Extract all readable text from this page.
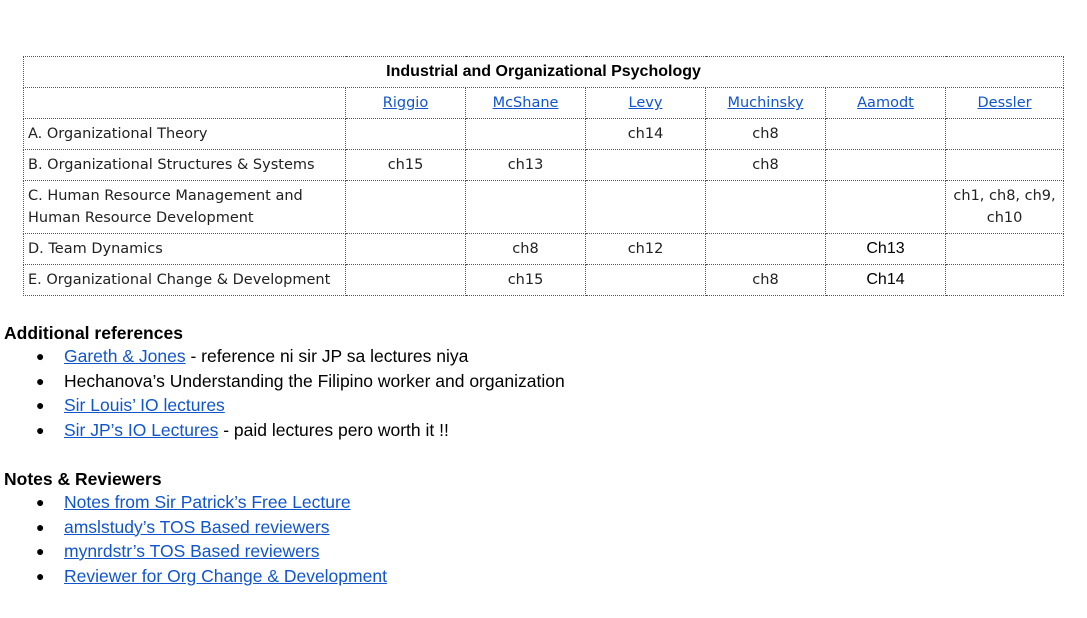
Industrial and Organizational Psychology						
	Riggio	McShane	Levy	Muchinsky	Aamodt	Dessler
A. Organizational Theory			ch14	ch8		
B. Organizational Structures & Systems	ch15	ch13		ch8		
C. Human Resource Management and
Human Resource Development						ch1, ch8, ch9,
ch10
D. Team Dynamics		ch8	ch12		Ch13	
E. Organizational Change & Development		ch15		ch8	Ch14	
Additional references
● Gareth & Jones - reference ni sir JP sa lectures niya
● Hechanova’s Understanding the Filipino worker and organization
● Sir Louis’ IO lectures
● Sir JP’s IO Lectures - paid lectures pero worth it !!
Notes & Reviewers
● Notes from Sir Patrick’s Free Lecture
● amslstudy’s TOS Based reviewers
● mynrdstr’s TOS Based reviewers
● Reviewer for Org Change & Development
